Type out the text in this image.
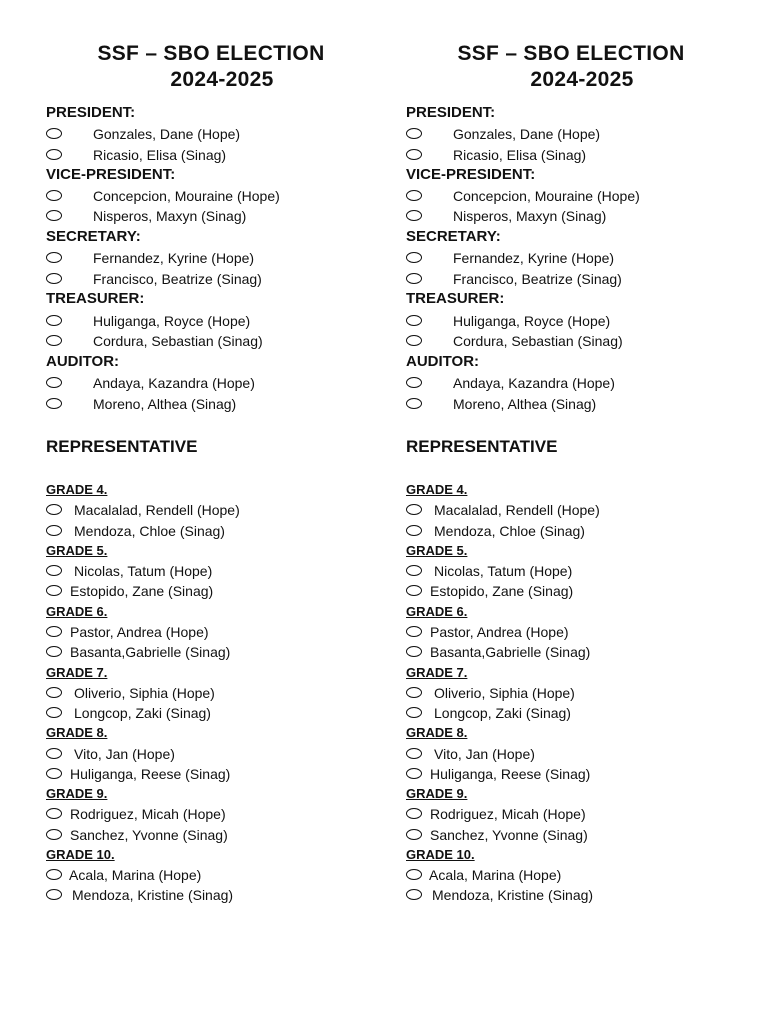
SSF – SBO ELECTION
2024-2025
PRESIDENT:
Gonzales, Dane (Hope)
Ricasio, Elisa (Sinag)
VICE-PRESIDENT:
Concepcion, Mouraine (Hope)
Nisperos, Maxyn (Sinag)
SECRETARY:
Fernandez, Kyrine (Hope)
Francisco, Beatrize (Sinag)
TREASURER:
Huliganga, Royce (Hope)
Cordura, Sebastian (Sinag)
AUDITOR:
Andaya, Kazandra (Hope)
Moreno, Althea (Sinag)
REPRESENTATIVE
GRADE 4.
Macalalad, Rendell (Hope)
Mendoza, Chloe (Sinag)
GRADE 5.
Nicolas, Tatum (Hope)
Estopido, Zane (Sinag)
GRADE 6.
Pastor, Andrea (Hope)
Basanta,Gabrielle (Sinag)
GRADE 7.
Oliverio, Siphia (Hope)
Longcop, Zaki (Sinag)
GRADE 8.
Vito, Jan (Hope)
Huliganga, Reese (Sinag)
GRADE 9.
Rodriguez, Micah (Hope)
Sanchez, Yvonne (Sinag)
GRADE 10.
Acala, Marina (Hope)
Mendoza, Kristine (Sinag)
SSF – SBO ELECTION
2024-2025
PRESIDENT:
Gonzales, Dane (Hope)
Ricasio, Elisa (Sinag)
VICE-PRESIDENT:
Concepcion, Mouraine (Hope)
Nisperos, Maxyn (Sinag)
SECRETARY:
Fernandez, Kyrine (Hope)
Francisco, Beatrize (Sinag)
TREASURER:
Huliganga, Royce (Hope)
Cordura, Sebastian (Sinag)
AUDITOR:
Andaya, Kazandra (Hope)
Moreno, Althea (Sinag)
REPRESENTATIVE
GRADE 4.
Macalalad, Rendell (Hope)
Mendoza, Chloe (Sinag)
GRADE 5.
Nicolas, Tatum (Hope)
Estopido, Zane (Sinag)
GRADE 6.
Pastor, Andrea (Hope)
Basanta,Gabrielle (Sinag)
GRADE 7.
Oliverio, Siphia (Hope)
Longcop, Zaki (Sinag)
GRADE 8.
Vito, Jan (Hope)
Huliganga, Reese (Sinag)
GRADE 9.
Rodriguez, Micah (Hope)
Sanchez, Yvonne (Sinag)
GRADE 10.
Acala, Marina (Hope)
Mendoza, Kristine (Sinag)
